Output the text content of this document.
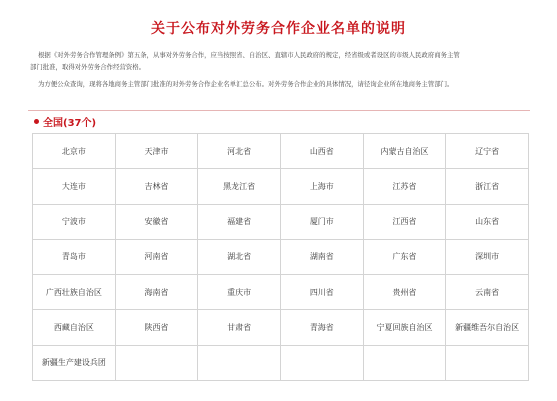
关于公布对外劳务合作企业名单的说明
根据《对外劳务合作管理条例》第五条，从事对外劳务合作，应当按照省、自治区、直辖市人民政府的规定，经省级或者设区的市级人民政府商务主管
部门批准，取得对外劳务合作经营资格。
为方便公众查询，现将各地商务主管部门批准的对外劳务合作企业名单汇总公布。对外劳务合作企业的具体情况，请径询企业所在地商务主管部门。
全国(37个)
北京市	天津市	河北省	山西省	内蒙古自治区	辽宁省
大连市	吉林省	黑龙江省	上海市	江苏省	浙江省
宁波市	安徽省	福建省	厦门市	江西省	山东省
青岛市	河南省	湖北省	湖南省	广东省	深圳市
广西壮族自治区	海南省	重庆市	四川省	贵州省	云南省
西藏自治区	陕西省	甘肃省	青海省	宁夏回族自治区	新疆维吾尔自治区
新疆生产建设兵团
